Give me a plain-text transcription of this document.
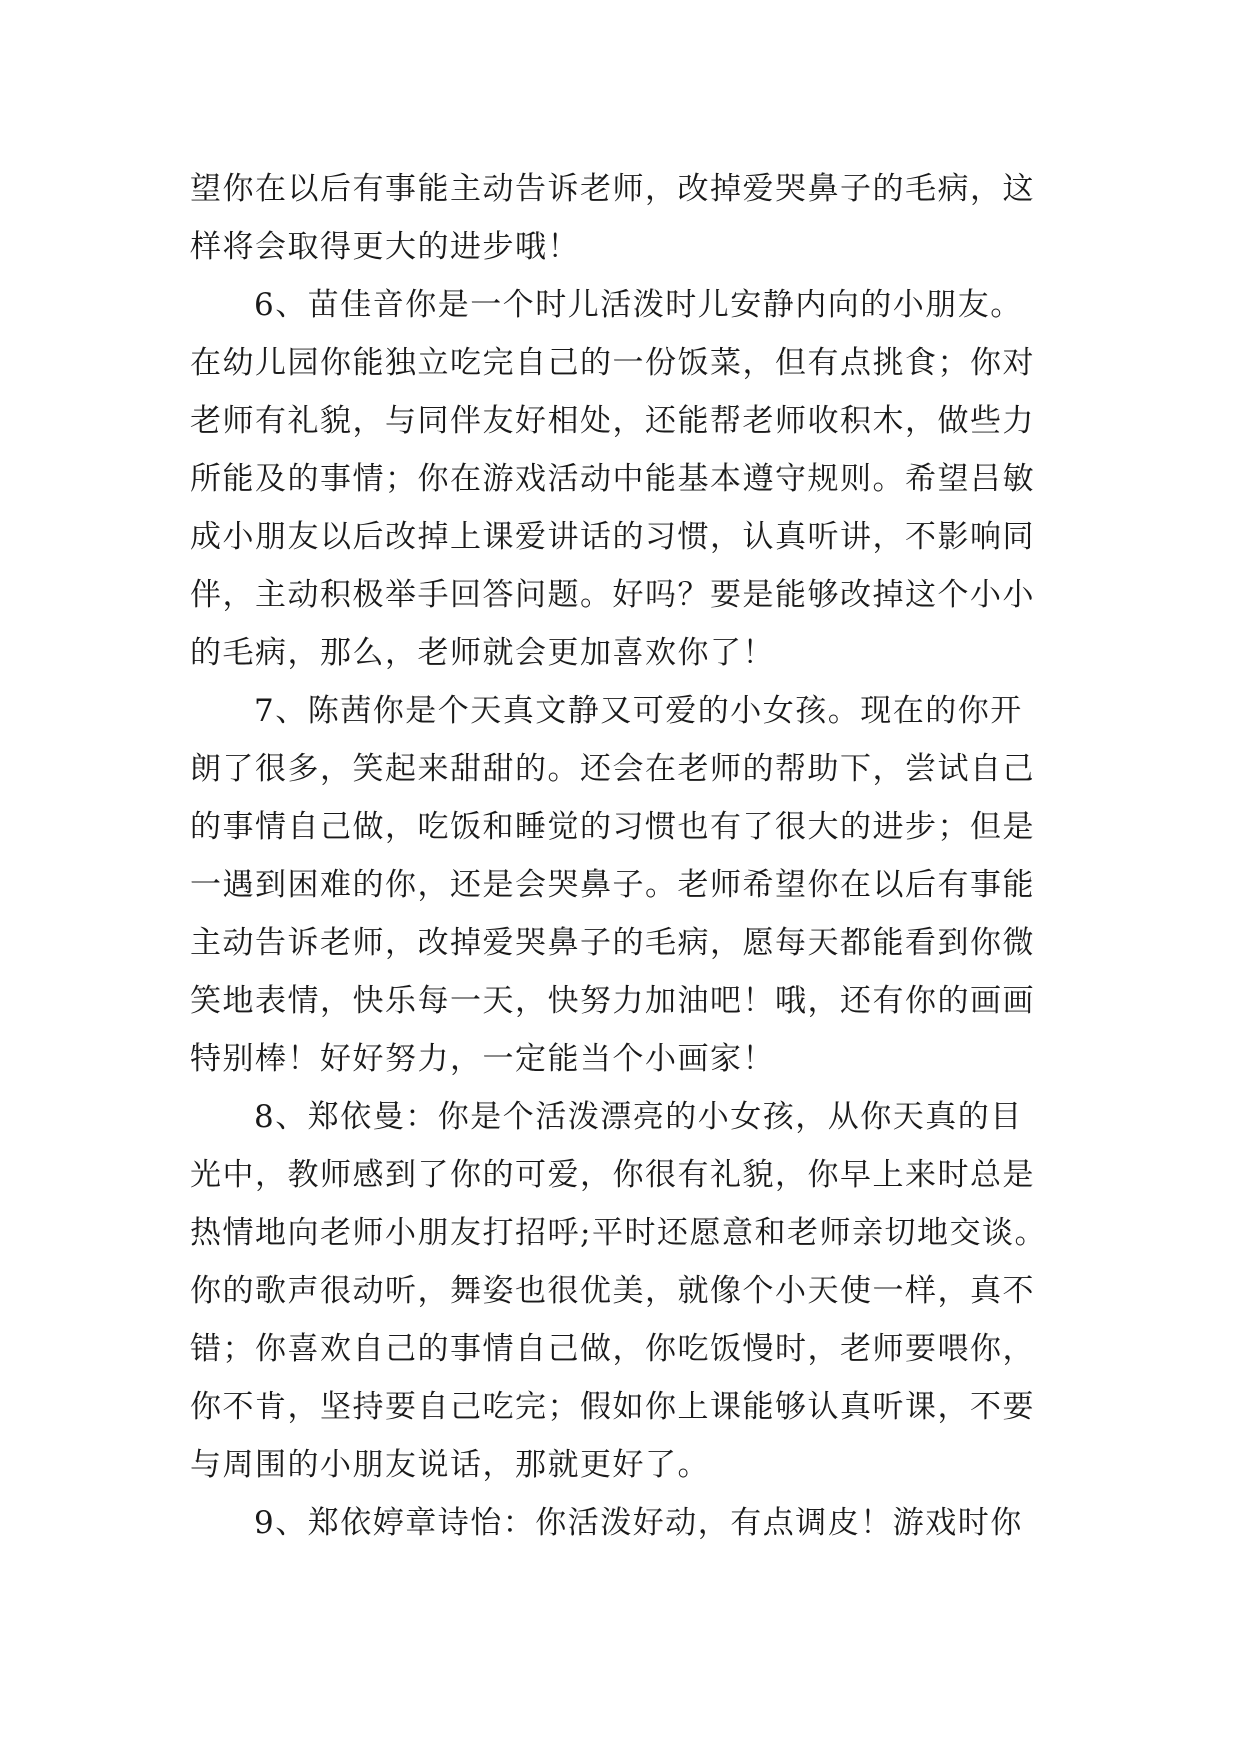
望你在以后有事能主动告诉老师，改掉爱哭鼻子的毛病，这
样将会取得更大的进步哦！
6、苗佳音你是一个时儿活泼时儿安静内向的小朋友。
在幼儿园你能独立吃完自己的一份饭菜，但有点挑食；你对
老师有礼貌，与同伴友好相处，还能帮老师收积木，做些力
所能及的事情；你在游戏活动中能基本遵守规则。希望吕敏
成小朋友以后改掉上课爱讲话的习惯，认真听讲，不影响同
伴，主动积极举手回答问题。好吗？要是能够改掉这个小小
的毛病，那么，老师就会更加喜欢你了！
7、陈茜你是个天真文静又可爱的小女孩。现在的你开
朗了很多，笑起来甜甜的。还会在老师的帮助下，尝试自己
的事情自己做，吃饭和睡觉的习惯也有了很大的进步；但是
一遇到困难的你，还是会哭鼻子。老师希望你在以后有事能
主动告诉老师，改掉爱哭鼻子的毛病，愿每天都能看到你微
笑地表情，快乐每一天，快努力加油吧！哦，还有你的画画
特别棒！好好努力，一定能当个小画家！
8、郑依曼：你是个活泼漂亮的小女孩，从你天真的目
光中，教师感到了你的可爱，你很有礼貌，你早上来时总是
热情地向老师小朋友打招呼;平时还愿意和老师亲切地交谈。
你的歌声很动听，舞姿也很优美，就像个小天使一样，真不
错；你喜欢自己的事情自己做，你吃饭慢时，老师要喂你，
你不肯，坚持要自己吃完；假如你上课能够认真听课，不要
与周围的小朋友说话，那就更好了。
9、郑依婷章诗怡：你活泼好动，有点调皮！游戏时你
